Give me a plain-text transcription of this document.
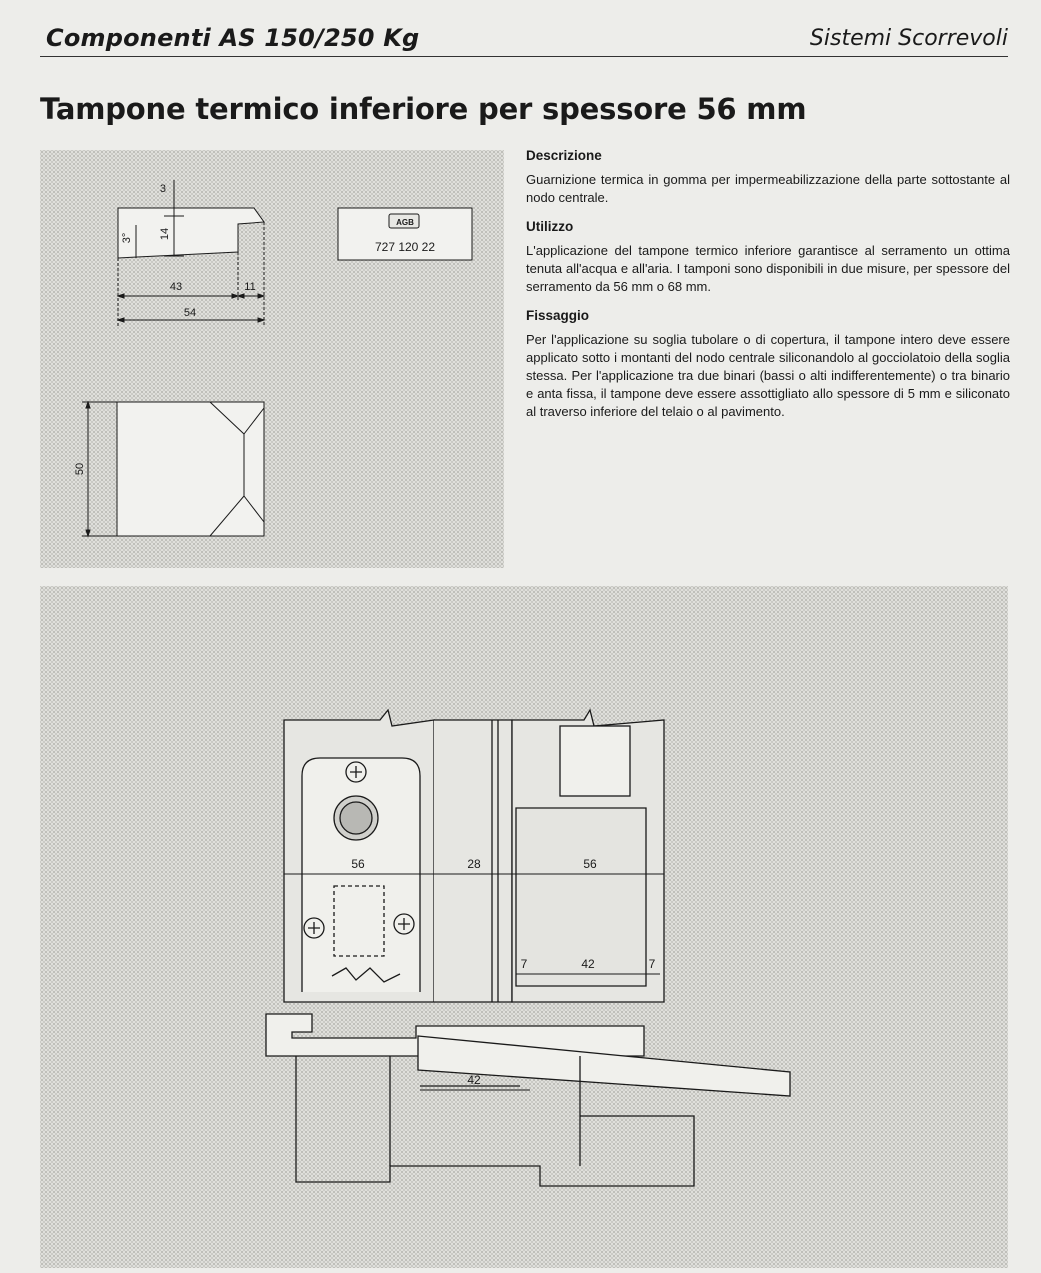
Componenti AS 150/250 Kg	Sistemi Scorrevoli
Tampone termico inferiore per spessore 56 mm
3
14
3°
43	11
54
AGB
727 120 22
50
Descrizione
Guarnizione termica in gomma per impermeabilizzazione della parte sottostante al nodo centrale.
Utilizzo
L'applicazione del tampone termico inferiore garantisce al serramento un ottima tenuta all'acqua e all'aria. I tamponi sono disponibili in due misure, per spessore del serramento da 56 mm o 68 mm.
Fissaggio
Per l'applicazione su soglia tubolare o di copertura, il tampone intero deve essere applicato sotto i montanti del nodo centrale siliconandolo al gocciolatoio della soglia stessa. Per l'applicazione tra due binari (bassi o alti indifferentemente) o tra binario e anta fissa, il tampone deve essere assottigliato allo spessore di 5 mm e siliconato al traverso inferiore del telaio o al pavimento.
56	28	56
7	42	7
42
